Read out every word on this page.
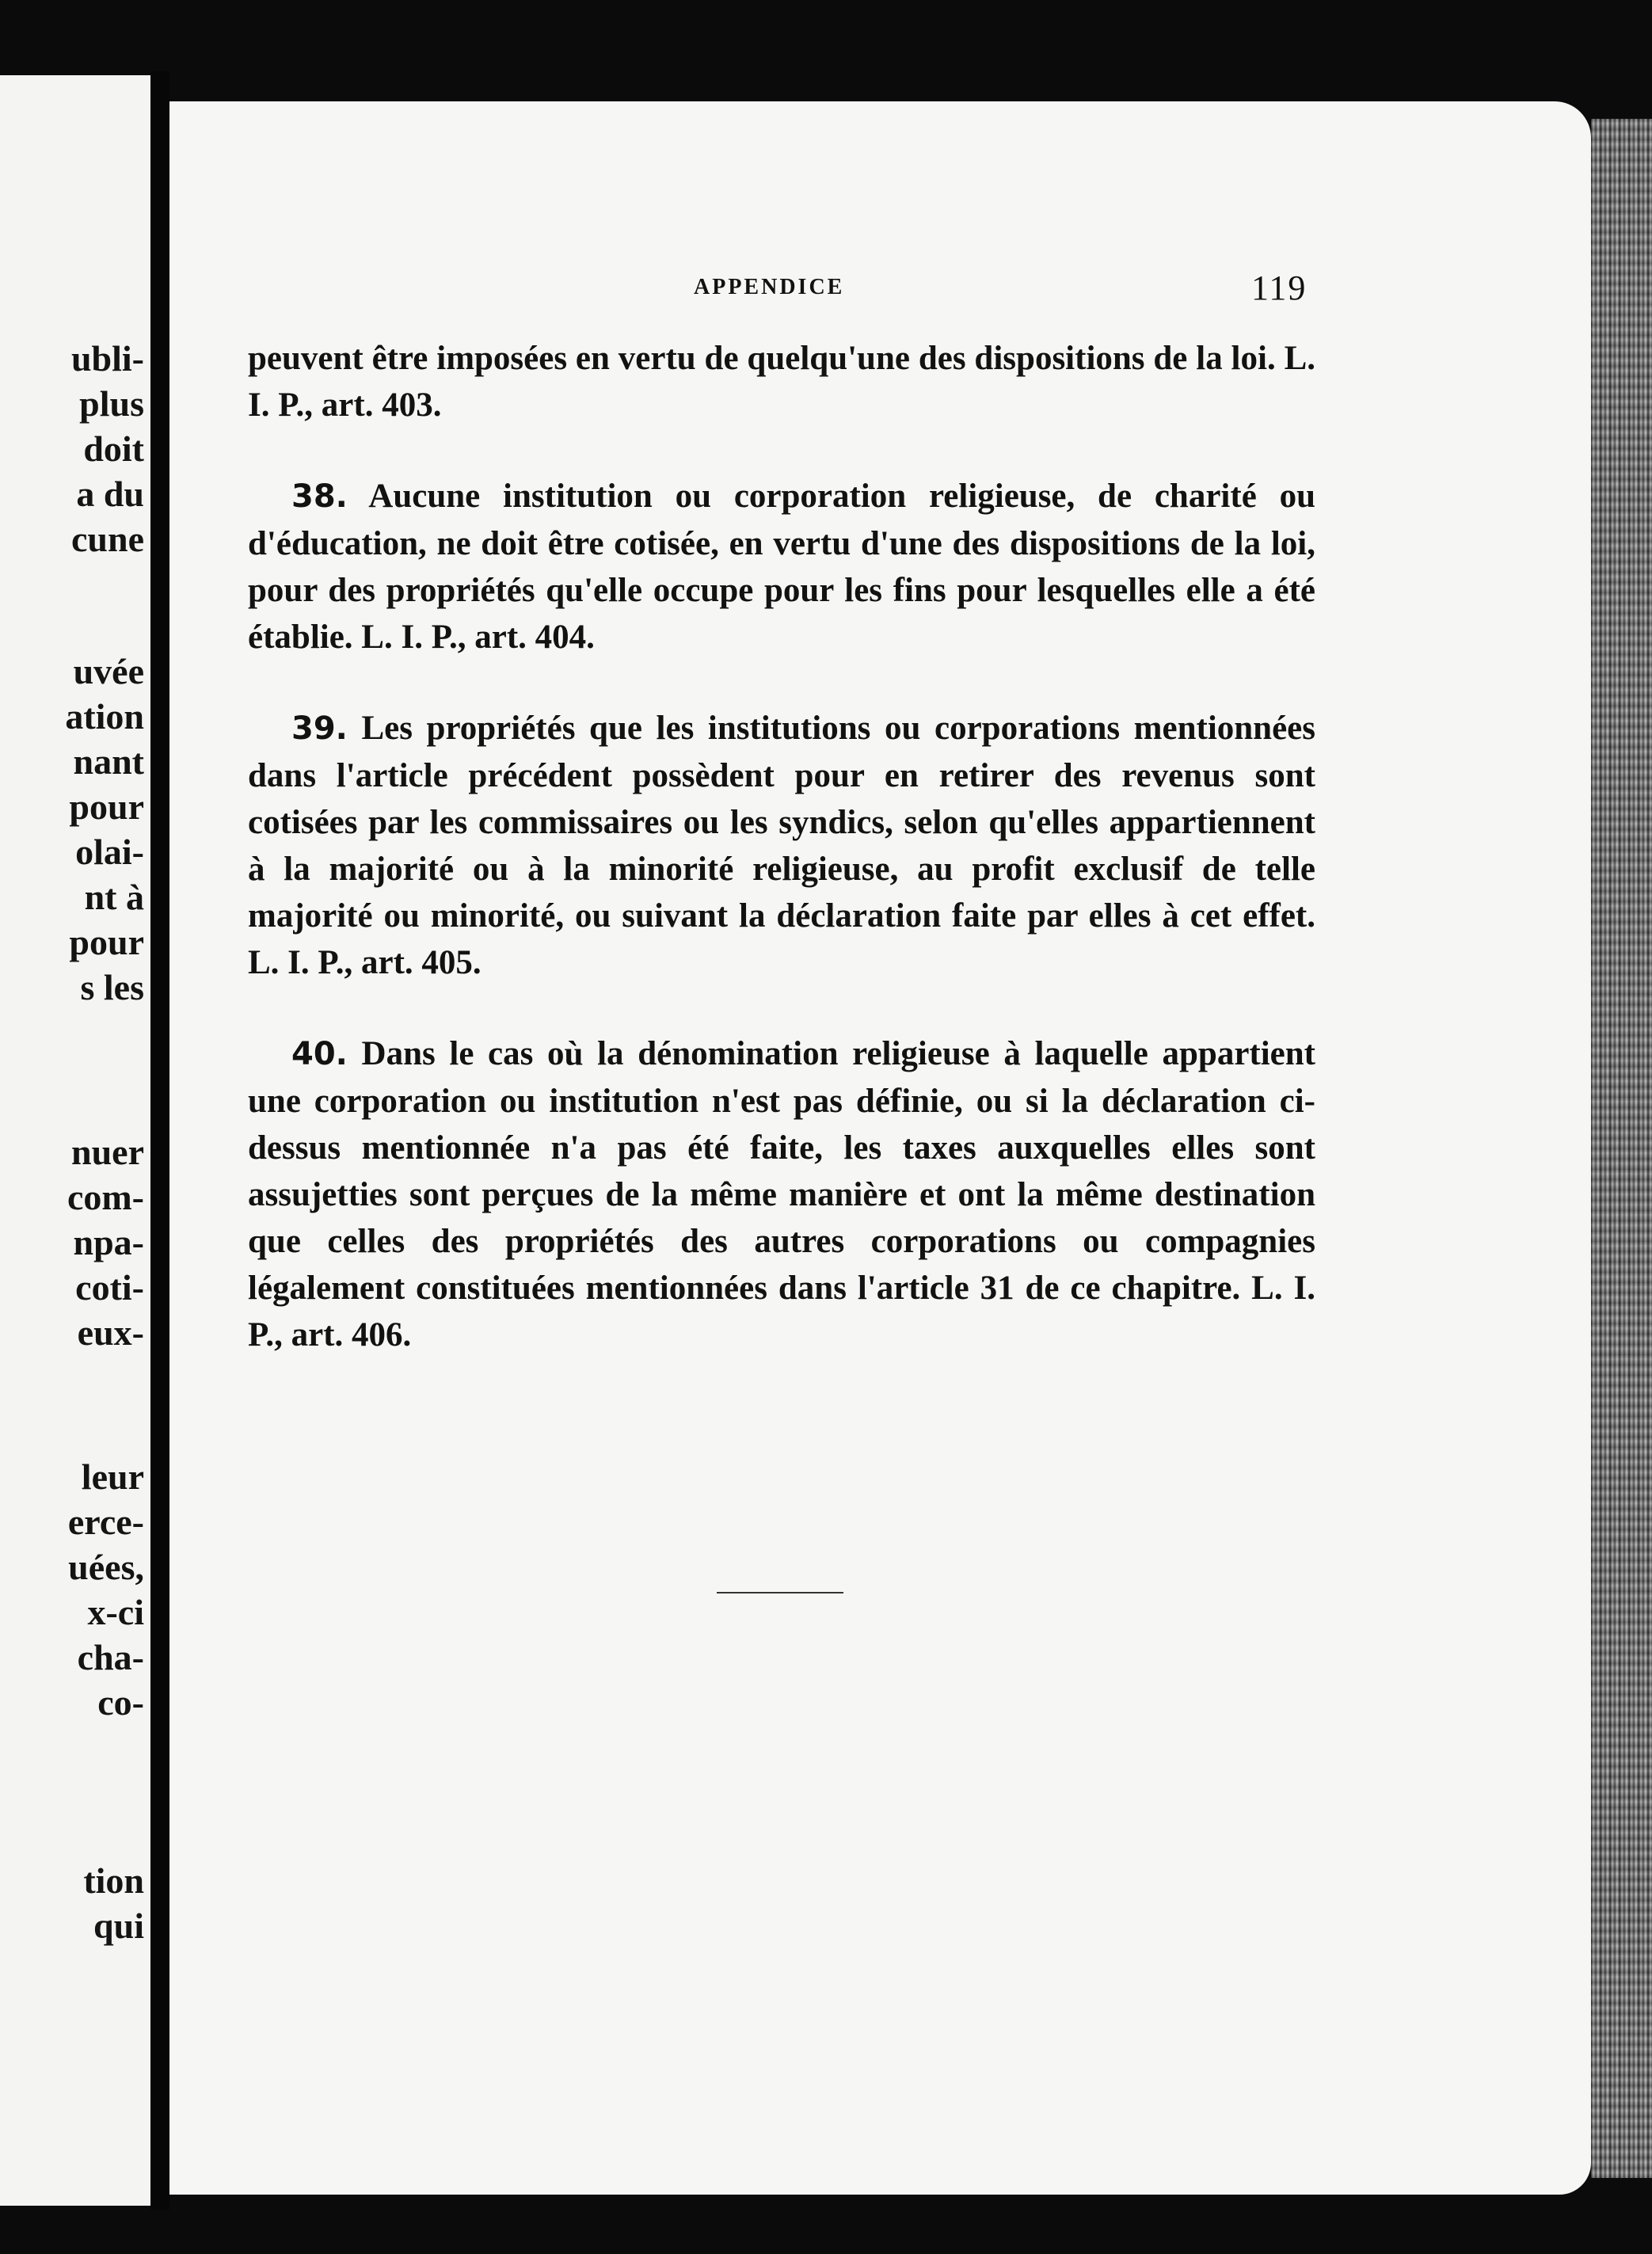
ubli-
plus
doit
a du
cune
uvée
ation
nant
pour
olai-
nt à
pour
s les
nuer
com-
npa-
coti-
eux-
leur
erce-
uées,
x-ci
cha-
co-
tion
qui
APPENDICE	119

peuvent être imposées en vertu de quelqu'une des dispositions de la loi. L. I. P., art. 403.

38. Aucune institution ou corporation religieuse, de charité ou d'éducation, ne doit être cotisée, en vertu d'une des dispositions de la loi, pour des propriétés qu'elle occupe pour les fins pour lesquelles elle a été établie. L. I. P., art. 404.

39. Les propriétés que les institutions ou corporations mentionnées dans l'article précédent possèdent pour en retirer des revenus sont cotisées par les commissaires ou les syndics, selon qu'elles appartiennent à la majorité ou à la minorité religieuse, au profit exclusif de telle majorité ou minorité, ou suivant la déclaration faite par elles à cet effet. L. I. P., art. 405.

40. Dans le cas où la dénomination religieuse à laquelle appartient une corporation ou institution n'est pas définie, ou si la déclaration ci-dessus mentionnée n'a pas été faite, les taxes auxquelles elles sont assujetties sont perçues de la même manière et ont la même destination que celles des propriétés des autres corporations ou compagnies légalement constituées mentionnées dans l'article 31 de ce chapitre. L. I. P., art. 406.
